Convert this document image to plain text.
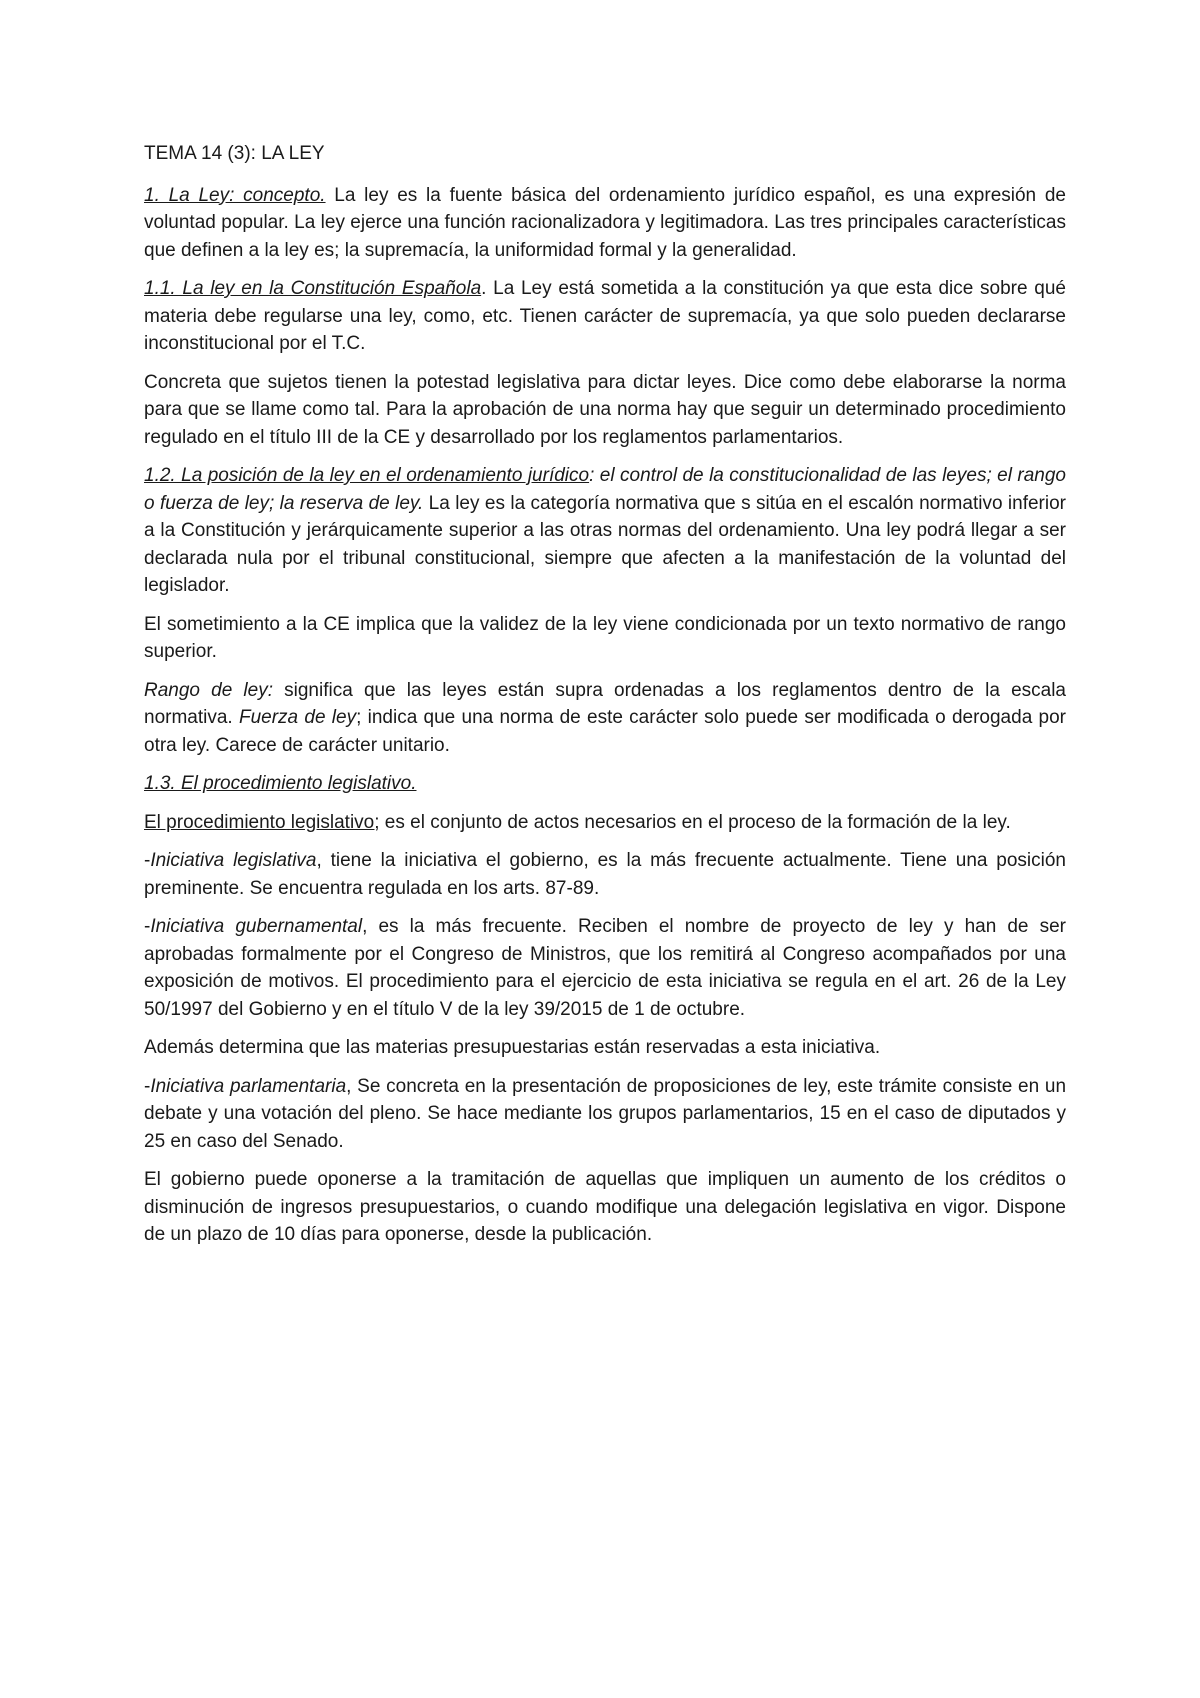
TEMA 14 (3): LA LEY

1. La Ley: concepto. La ley es la fuente básica del ordenamiento jurídico español, es una expresión de voluntad popular. La ley ejerce una función racionalizadora y legitimadora. Las tres principales características que definen a la ley es; la supremacía, la uniformidad formal y la generalidad.

1.1. La ley en la Constitución Española. La Ley está sometida a la constitución ya que esta dice sobre qué materia debe regularse una ley, como, etc. Tienen carácter de supremacía, ya que solo pueden declararse inconstitucional por el T.C.

Concreta que sujetos tienen la potestad legislativa para dictar leyes. Dice como debe elaborarse la norma para que se llame como tal. Para la aprobación de una norma hay que seguir un determinado procedimiento regulado en el título III de la CE y desarrollado por los reglamentos parlamentarios.

1.2. La posición de la ley en el ordenamiento jurídico: el control de la constitucionalidad de las leyes; el rango o fuerza de ley; la reserva de ley. La ley es la categoría normativa que s sitúa en el escalón normativo inferior a la Constitución y jerárquicamente superior a las otras normas del ordenamiento. Una ley podrá llegar a ser declarada nula por el tribunal constitucional, siempre que afecten a la manifestación de la voluntad del legislador.

El sometimiento a la CE implica que la validez de la ley viene condicionada por un texto normativo de rango superior.

Rango de ley: significa que las leyes están supra ordenadas a los reglamentos dentro de la escala normativa. Fuerza de ley; indica que una norma de este carácter solo puede ser modificada o derogada por otra ley. Carece de carácter unitario.

1.3. El procedimiento legislativo.

El procedimiento legislativo; es el conjunto de actos necesarios en el proceso de la formación de la ley.

-Iniciativa legislativa, tiene la iniciativa el gobierno, es la más frecuente actualmente. Tiene una posición preminente. Se encuentra regulada en los arts. 87-89.

-Iniciativa gubernamental, es la más frecuente. Reciben el nombre de proyecto de ley y han de ser aprobadas formalmente por el Congreso de Ministros, que los remitirá al Congreso acompañados por una exposición de motivos. El procedimiento para el ejercicio de esta iniciativa se regula en el art. 26 de la Ley 50/1997 del Gobierno y en el título V de la ley 39/2015 de 1 de octubre.

Además determina que las materias presupuestarias están reservadas a esta iniciativa.

-Iniciativa parlamentaria, Se concreta en la presentación de proposiciones de ley, este trámite consiste en un debate y una votación del pleno. Se hace mediante los grupos parlamentarios, 15 en el caso de diputados y 25 en caso del Senado.

El gobierno puede oponerse a la tramitación de aquellas que impliquen un aumento de los créditos o disminución de ingresos presupuestarios, o cuando modifique una delegación legislativa en vigor. Dispone de un plazo de 10 días para oponerse, desde la publicación.
